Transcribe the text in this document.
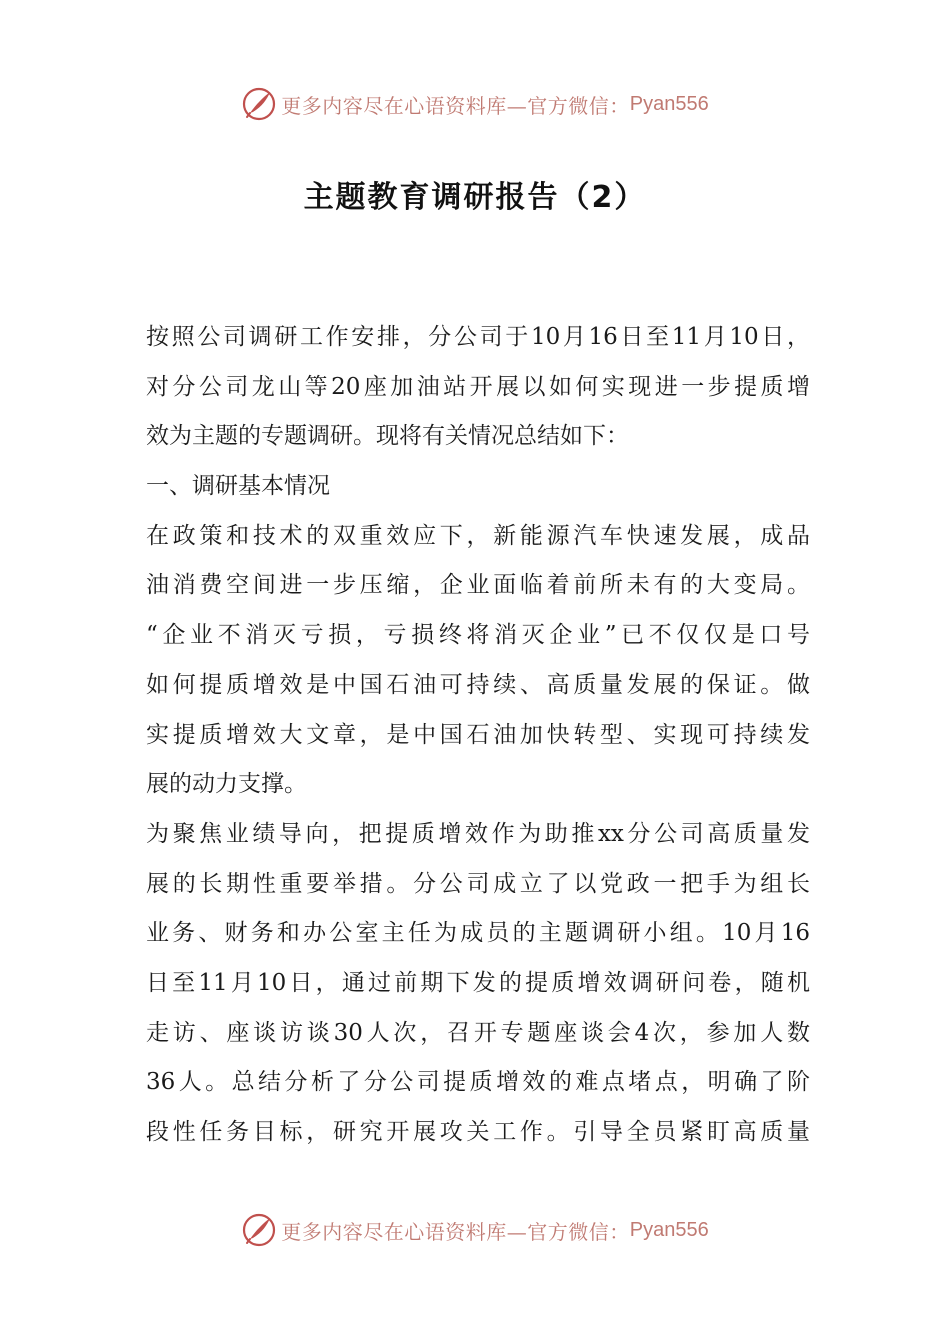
更多内容尽在心语资料库—官方微信： Pyan556
主题教育调研报告（2）
按照公司调研工作安排，分公司于10月16日至11月10日，
对分公司龙山等20座加油站开展以如何实现进一步提质增
效为主题的专题调研。现将有关情况总结如下：
一、调研基本情况
在政策和技术的双重效应下，新能源汽车快速发展，成品
油消费空间进一步压缩，企业面临着前所未有的大变局。
“企业不消灭亏损，亏损终将消灭企业”已不仅仅是口号
如何提质增效是中国石油可持续、高质量发展的保证。做
实提质增效大文章，是中国石油加快转型、实现可持续发
展的动力支撑。
为聚焦业绩导向，把提质增效作为助推xx分公司高质量发
展的长期性重要举措。分公司成立了以党政一把手为组长
业务、财务和办公室主任为成员的主题调研小组。10月16
日至11月10日，通过前期下发的提质增效调研问卷，随机
走访、座谈访谈30人次，召开专题座谈会4次，参加人数
36人。总结分析了分公司提质增效的难点堵点，明确了阶
段性任务目标，研究开展攻关工作。引导全员紧盯高质量
更多内容尽在心语资料库—官方微信： Pyan556
